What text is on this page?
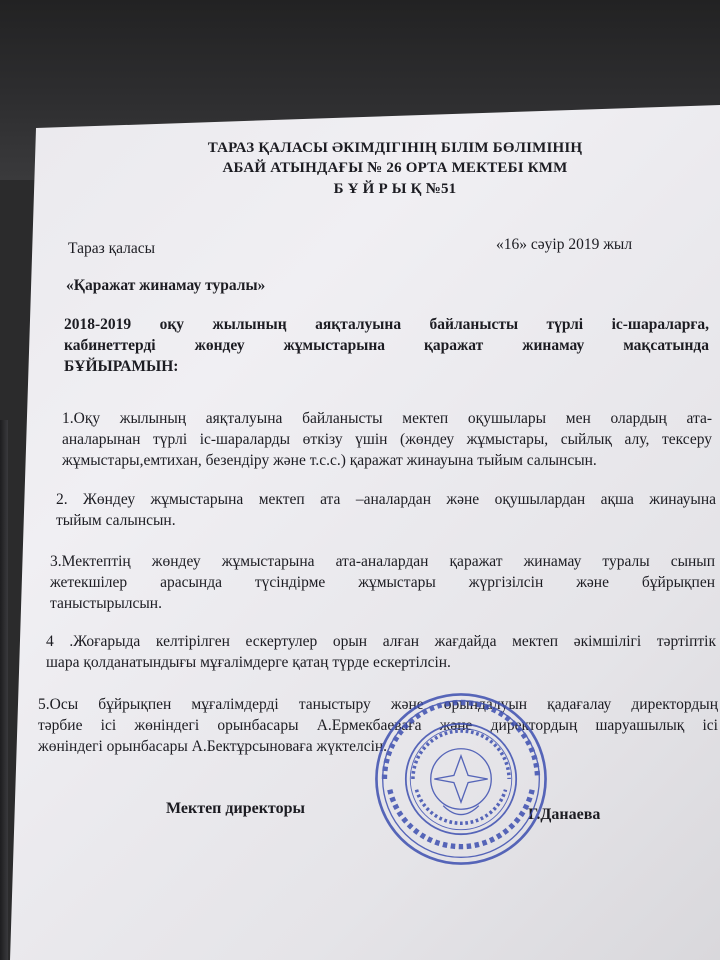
ТАРАЗ ҚАЛАСЫ ӘКІМДІГІНІҢ БІЛІМ БӨЛІМІНІҢ
АБАЙ АТЫНДАҒЫ № 26 ОРТА МЕКТЕБІ КММ
Б Ұ Й Р Ы Қ №51
Тараз қаласы	«16» сәуір 2019 жыл
«Қаражат жинамау туралы»
2018-2019 оқу жылының аяқталуына байланысты түрлі іс-шараларға,
кабинеттерді жөндеу жұмыстарына қаражат жинамау мақсатында
БҰЙЫРАМЫН:
1.Оқу жылының аяқталуына байланысты мектеп оқушылары мен олардың ата-
аналарынан түрлі іс-шараларды өткізу үшін (жөндеу жұмыстары, сыйлық алу, тексеру
жұмыстары,емтихан, безендіру және т.с.с.) қаражат жинауына тыйым салынсын.
2. Жөндеу жұмыстарына мектеп ата –аналардан және оқушылардан ақша жинауына
тыйым салынсын.
3.Мектептің жөндеу жұмыстарына ата-аналардан қаражат жинамау туралы сынып
жетекшілер арасында түсіндірме жұмыстары жүргізілсін және бұйрықпен
таныстырылсын.
4 .Жоғарыда келтірілген ескертулер орын алған жағдайда мектеп әкімшілігі тәртіптік
шара қолданатындығы мұғалімдерге қатаң түрде ескертілсін.
5.Осы бұйрықпен мұғалімдерді таныстыру және орындалуын қадағалау директордың
тәрбие ісі жөніндегі орынбасары А.Ермекбаеваға және директордың шаруашылық ісі
жөніндегі орынбасары А.Бектұрсыноваға жүктелсін.
Мектеп директоры	Г.Данаева
